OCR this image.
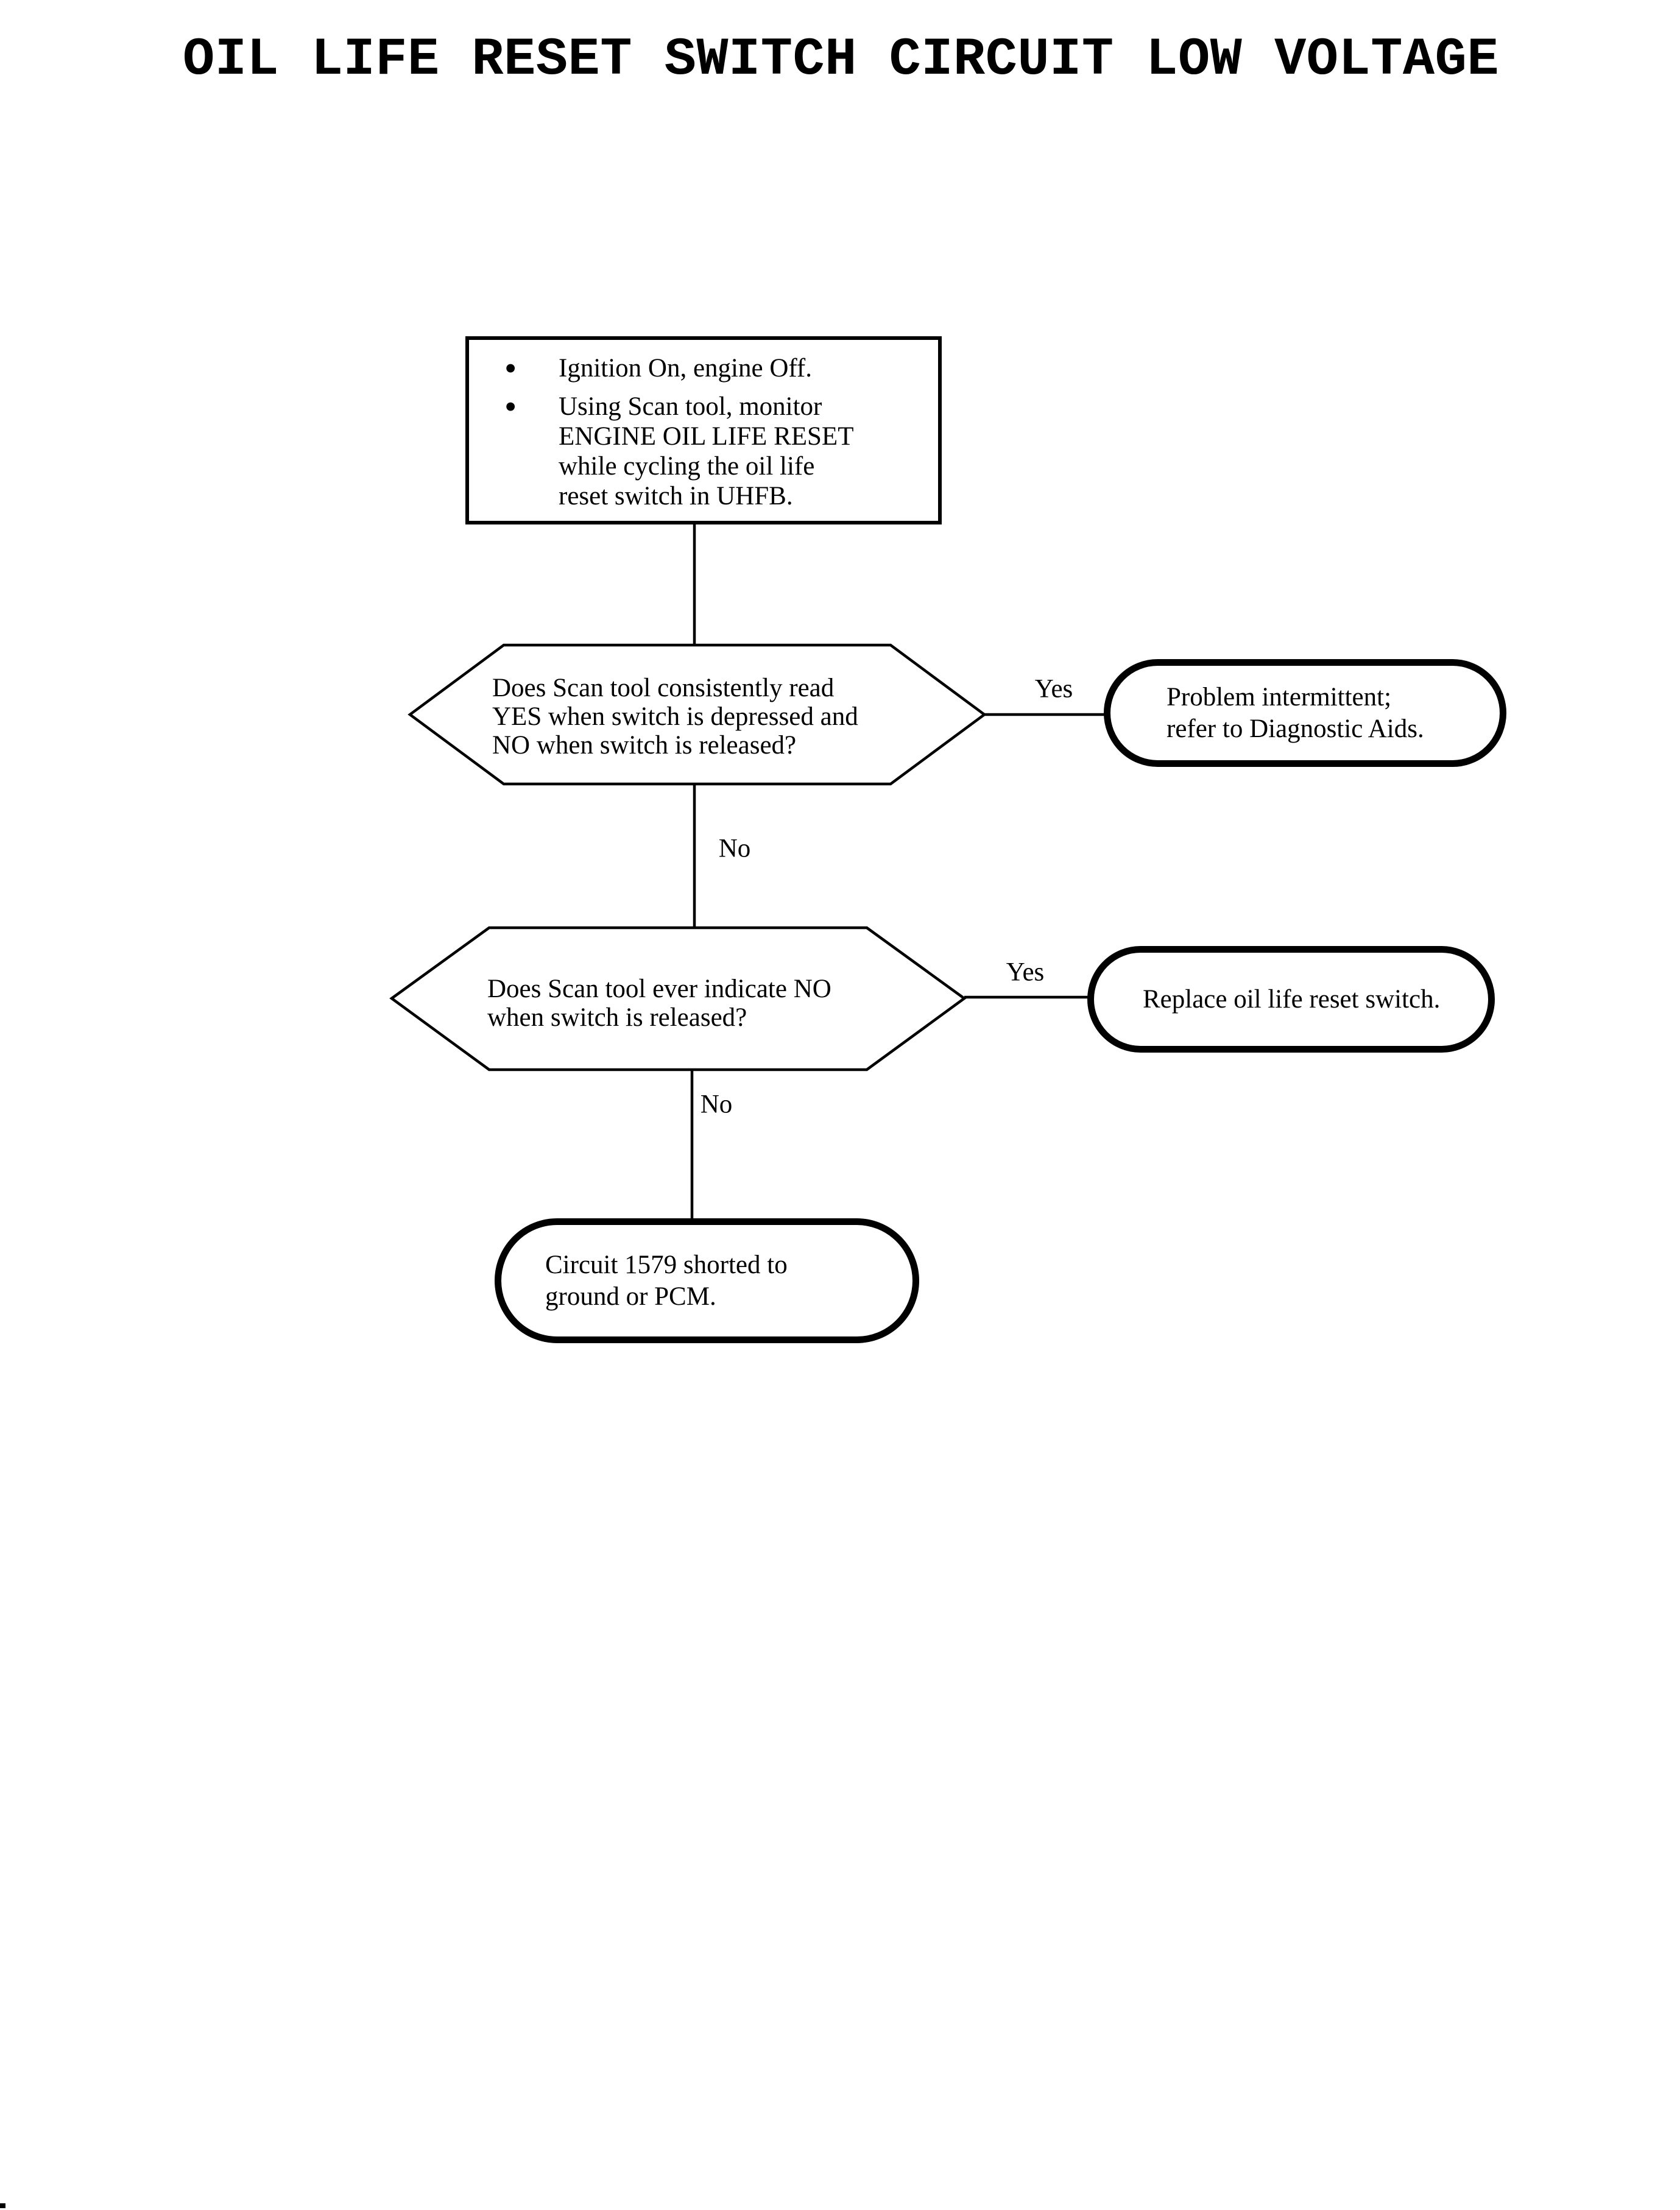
OIL LIFE RESET SWITCH CIRCUIT LOW VOLTAGE
•	Ignition On, engine Off.
•	Using Scan tool, monitor
ENGINE OIL LIFE RESET
while cycling the oil life
reset switch in UHFB.
Does Scan tool consistently read
YES when switch is depressed and
NO when switch is released?
Yes
No
Problem intermittent;
refer to Diagnostic Aids.
Does Scan tool ever indicate NO
when switch is released?
Yes
No
Replace oil life reset switch.
Circuit 1579 shorted to
ground or PCM.
